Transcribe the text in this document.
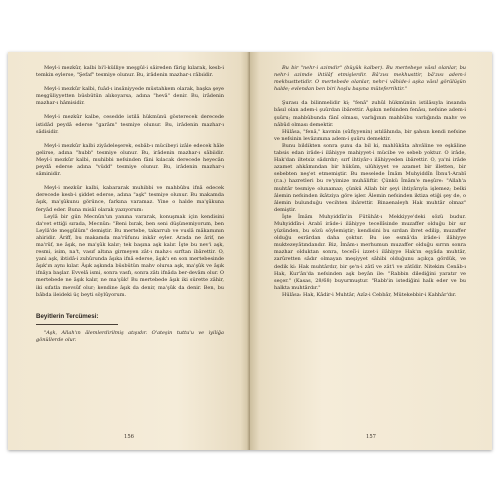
Meyl-i mezkûr, kalbi bi'l-külliye meşgûl-i sâireden fârig kılarak, kesb-i temkin eylerse, "Şefaf" tesmiye olunur. Bu, irâdenin mazhar-ı râbıidir.

Meyl-i mezkûr kalbi, fuâd-ı insâniyyede müstahkem olarak, başka şeye meşgûliyyetten büsbütün alıkoyarsa, adına "hevâ" denir. Bu, irâdenin mazhar-ı hâmisidir.

Meyl-i mezkûr kalbe, cesedde istilâ hükmünü gösterecek derecede istidâd peydâ ederse "garâm" tesmiye olunur. Bu, irâdenin mazhar-ı sâdisidir.

Meyl-i mezkûr kalbi ziyâdeleşerek, esbâb-ı mücibeyi izâle edecek hâle gelirse, adına "hubb" tesmiye olunur. Bu, irâdenin mazhar-ı sâbiidir. Meyl-i mezkûr kalbi, muhibbi nefsinden fâni kılacak derecede heyecân peydâ ederse adına "vüdd" tesmiye olunur. Bu, irâdenin mazhar-ı sâminidir.

Meyl-i mezkûr kalbi, kabararak muhibbi ve mahbûbu ifnâ edecek derecede kesb-i şiddet ederse, adına "aşk" tesmiye olunur. Bu makamda âşık, ma'şûkunu görünce, farkına varamaz. Yine o halde ma'şûkuna feryâd eder. Buna misâl olarak yazıyorum:

Leylâ bir gün Mecnûn'un yanına vararak, konuşmak için kendisini da'vet ettiği sırada, Mecnûn: "Beni bırak, ben seni düşünemiyorum, ben Leylâ'de meşgûlüm" demiştir. Bu mertebe, takarrub ve vuslâ mâkamının ahiridir. Âriff, bu makamda ma'rûfunu inkâr eyler. Arada ne ârif, ne ma'rûf, ne âşık, ne ma'şûk kalır; tek başına aşk kalır. İşte bu nev'i aşk, resmi, isim, na't, vasıf altına girmeyen zât-ı mahz-ı sırftan ibârettir. O, yani aşk, ibtidâ-i zuhûrunda âşıka ifnâ ederse, âşık'ı en son mertebesinde âşık'ın aynı kılar. Âşık aşkında büsbütün mahv olursa aşk, ma'şûk ve âşık ifnâya başlar. Evvelâ ismi, sonra vasfı, sonra zâtı ifnâda ber-devâm olur. O mertebede ne âşık kalır, ne ma'şûk! Bu mertebede âşık iki sürette zâhir, iki sıfatla mevsûf olur; kendine âşık da denir, ma'şûk da denir. Ben, bu bâbda ileideki üç beyti söylûyorum.

Beyitlerin Tercümesi:

"Aşk, Allah'ın âlemlerdirilmiş atışıdır. O'ateşin tuttu'u ve iyiliğa gönüllerde olur.

156

Bu bir "nehr-i azimdir" (büyük kalber). Bu mertebeye vâsıl olanlar, bu nehr-i azimde ihtilâf etmişlerdir. Bâ'zısı mekhusttir, bâ'zısı adem-i mekhusttetidir. O mertebede olanlar, nehr-i vâhide-i aşka vâsıl görülüşün halde; evlendan ben biri hoşlu başına müteferriktir."

Şurası da bilinmelidir ki; "fenâ" zuhûl hükmünün istilâsıyla insanda bâsıl olan adem-i şuûrdan ibârettir. Âşıkın nefsinden fenâsı, nefsine adem-i şuûru; mahbûbunda fânî olması, varlığının mahbûbu varlığında mahv ve nâbûd olması demektir.

Hülâsa, "fenâ," kavmin (sûfiyyenin) ıstılâhında, bir şahsın kendi nefsine ve nefsinin levâzımına adem-i şuûru demektir.

Bunu bildikten sonra şunu da bil ki, mahlûkâta ahvâline ve eşkâline tabsis edan irâde-i ilâhiyye mahiyyet-i mücibe ve sebeb yoktur. O irâde, Hak'dan iltetsiz sâdırdır; sırf ihtiyâr-ı ilâhiyyeden ibârettir. O, ya'ni irâde azamet ahkâmından bir hükûm, ulûhiyyet ve azamet bir illetten, bir sebebten neş'et etmemiştir. Bu meselede İmâm Muhyiddîn İbnu'l-Arabî (r.a.) hazretleri bu re'yimize muhâliftir. Çünkü İmâm'e meşûre: "Allah'a muhtâr tesmiye olunamaz; çünkü Allah bir şeyi ihtiyârıyla işlemez; belki âlemin nefsinden ikâtziya göre işler. Âlemin nefsinden iktiza etiği şey de, o âlemin bulunduğu vecihten ibârettir. Binaenaleyh Hak muhtâr olmaz" demiştir.

İşte İmâm Muhyiddîn'in Fütûhât-ı Mekkiyye'deki sözü budur. Muhyiddîn-i Arabî irâde-i ilâhiyye tecellîsinde muzaffer olduğu bir sır yüzünden, bu sözü söylemiştir; kendisini bu sırdan ibret edilip, muzaffer olduğu esrârdan daha çoktur. Bu ise esmâ'da irâde-i ilâhiyye muktezeyâtındandır. Biz, İmâm-ı merhumun muzaffer olduğu sırrın sonra mazhar olduktan sonra, teceîî-i izzet-i ilâhiyye Hak'ın eşyâda muhtâr, zarûretten sâdır olmayan meşiyyet sâhibi olduğunu açıkça gördük, ve dedik ki: Hak muhtârdır, bir şe'n-i zâtî ve zât'i ve zâtîdir. Nitekim Cenâb-ı Hak, Kur'ân'da nefsinden aşk beyân ile: "Rabbin dilediğini yaratır ve seçer." (Kasas, 28/68) buyurmuştur. "Rabb'in istediğini halk eder ve bu halkta muhtârdır."

Hülâsa: Hak, Kâdir-i Muhtâr, Azîz-i Cebbâr, Mütekebbir-i Kahhâr'dır.

157
